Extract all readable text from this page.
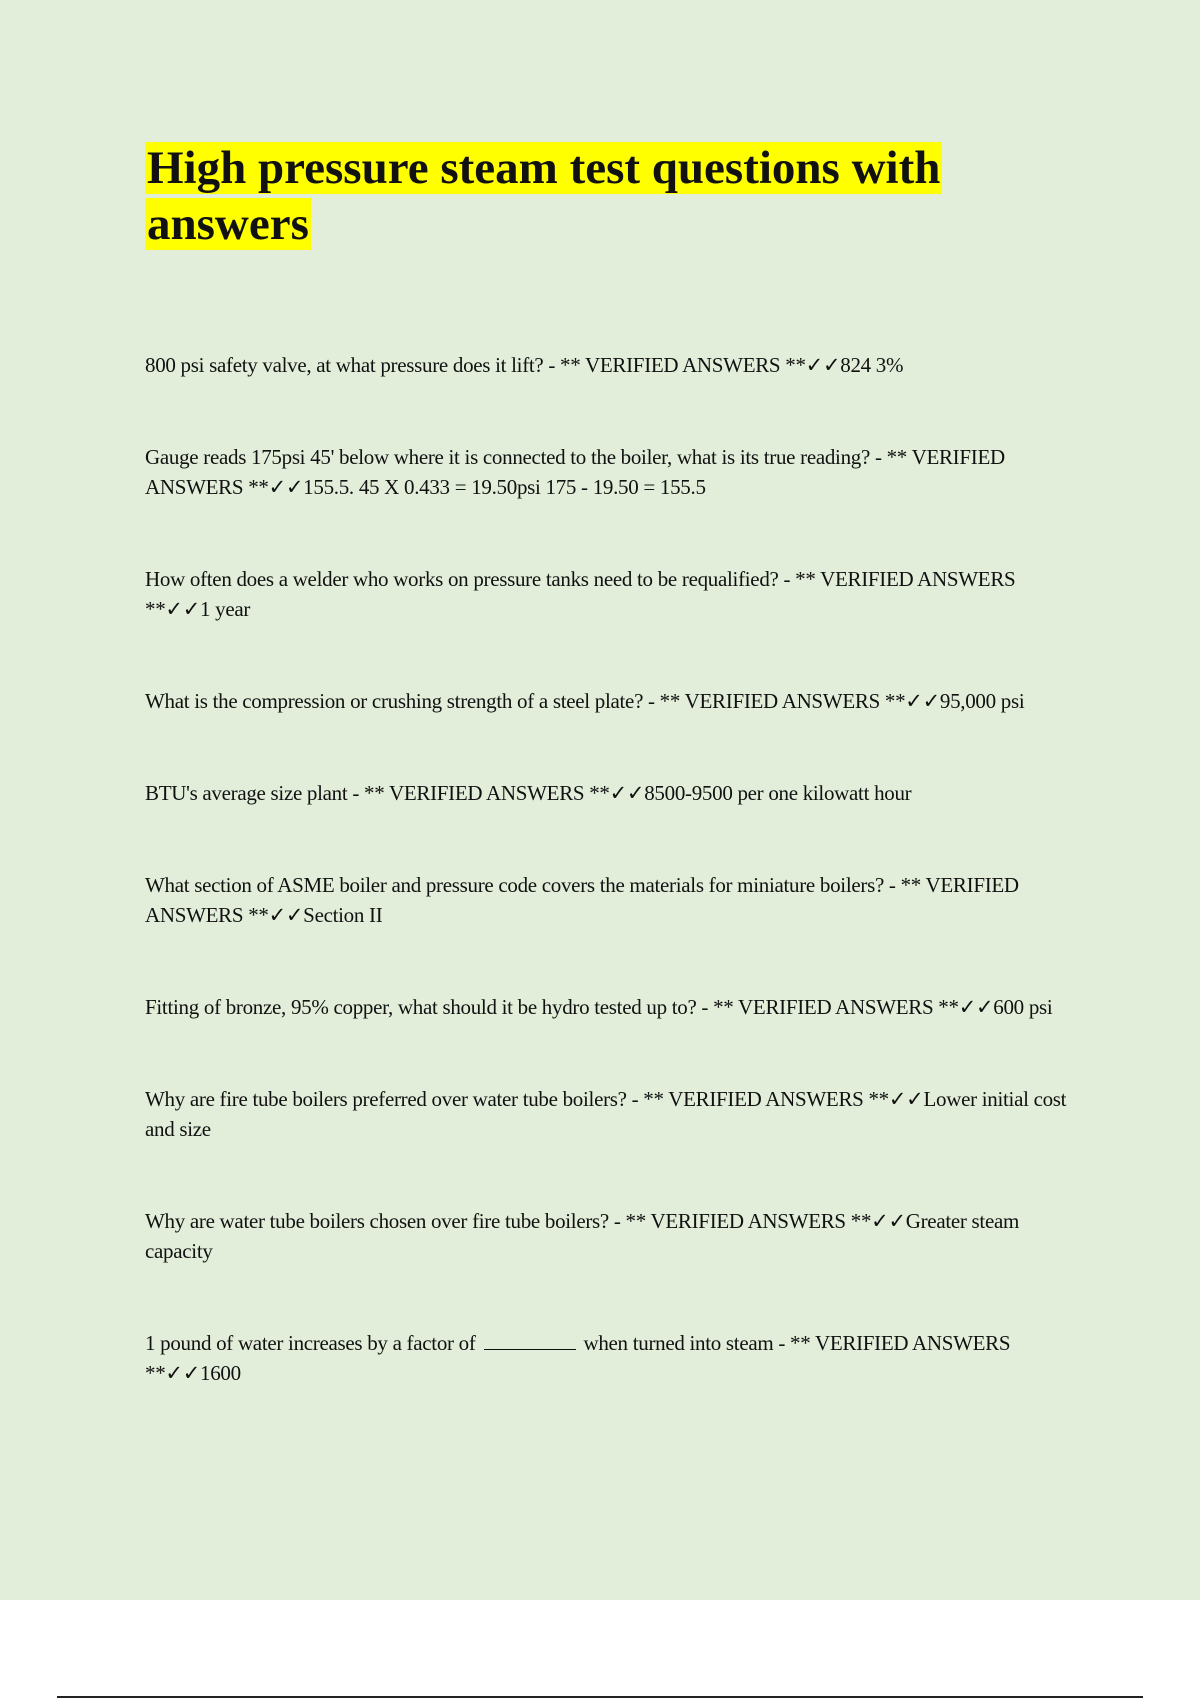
High pressure steam test questions with answers
800 psi safety valve, at what pressure does it lift? - ** VERIFIED ANSWERS **✓✓824 3%
Gauge reads 175psi 45' below where it is connected to the boiler, what is its true reading? - ** VERIFIED ANSWERS **✓✓155.5. 45 X 0.433 = 19.50psi 175 - 19.50 = 155.5
How often does a welder who works on pressure tanks need to be requalified? - ** VERIFIED ANSWERS **✓✓1 year
What is the compression or crushing strength of a steel plate? - ** VERIFIED ANSWERS **✓✓95,000 psi
BTU's average size plant - ** VERIFIED ANSWERS **✓✓8500-9500 per one kilowatt hour
What section of ASME boiler and pressure code covers the materials for miniature boilers? - ** VERIFIED ANSWERS **✓✓Section II
Fitting of bronze, 95% copper, what should it be hydro tested up to? - ** VERIFIED ANSWERS **✓✓600 psi
Why are fire tube boilers preferred over water tube boilers? - ** VERIFIED ANSWERS **✓✓Lower initial cost and size
Why are water tube boilers chosen over fire tube boilers? - ** VERIFIED ANSWERS **✓✓Greater steam capacity
1 pound of water increases by a factor of	when turned into steam - ** VERIFIED ANSWERS **✓✓1600
